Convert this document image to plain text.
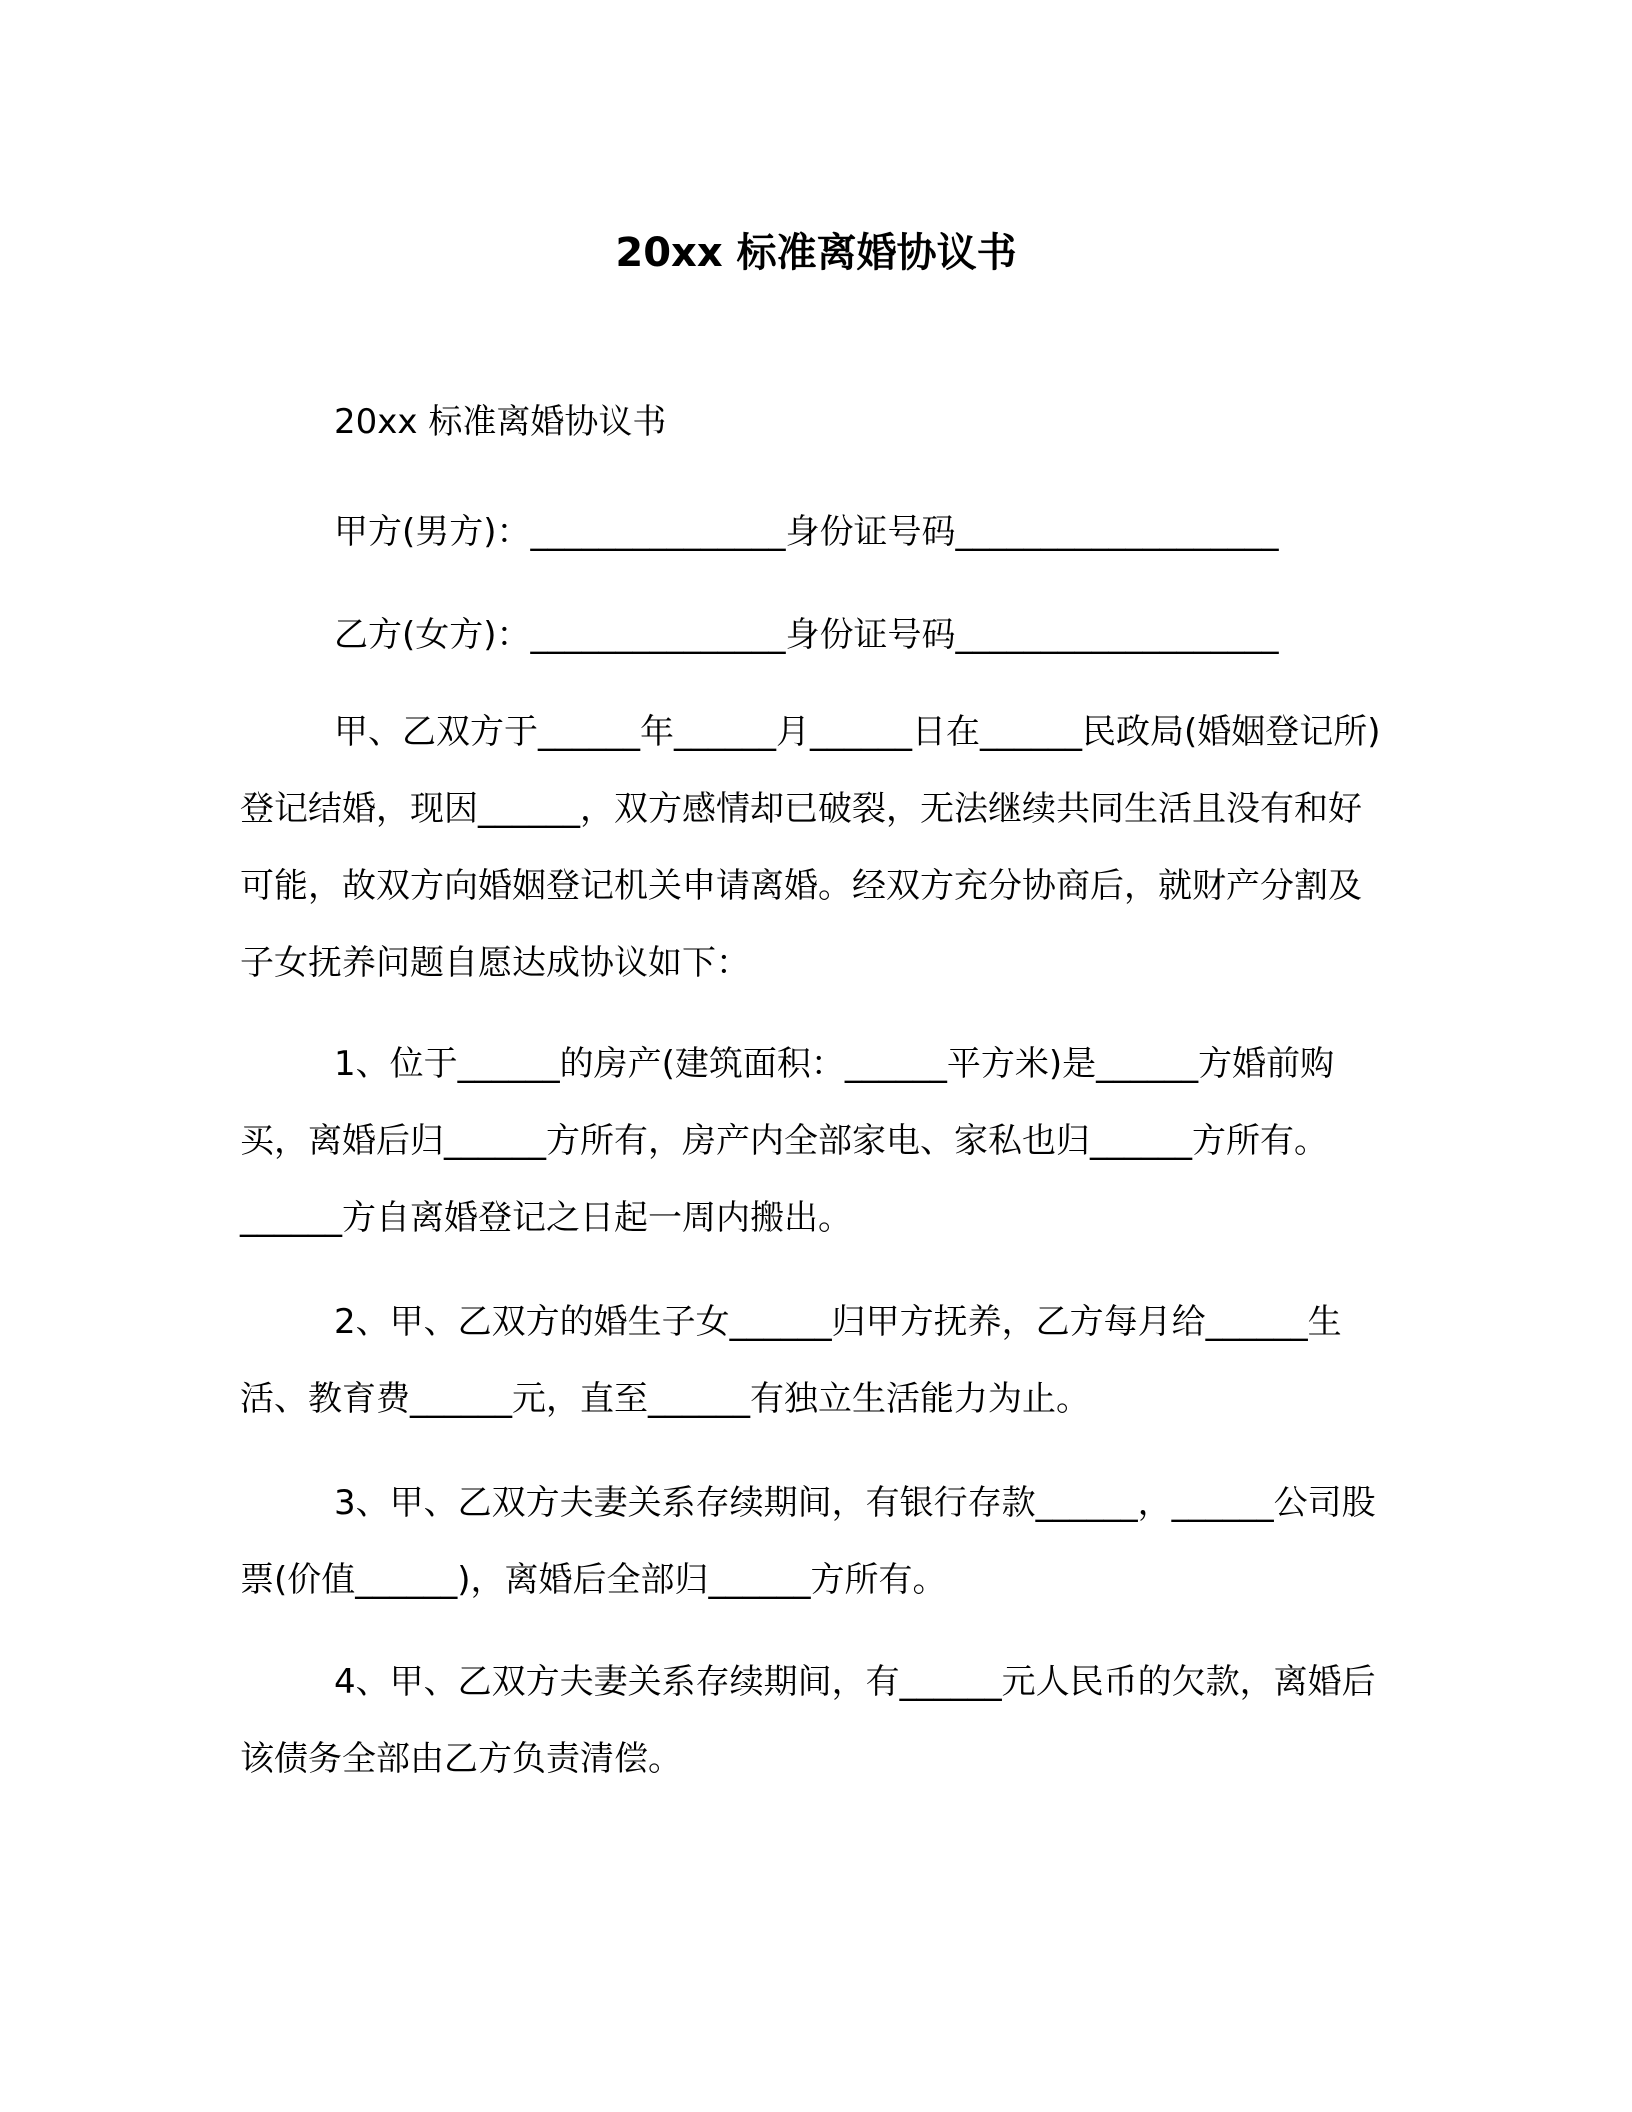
20xx 标准离婚协议书
20xx 标准离婚协议书
甲方(男方)：_______________身份证号码___________________
乙方(女方)：_______________身份证号码___________________
甲、乙双方于______年______月______日在______民政局(婚姻登记所)登记结婚，现因______，双方感情却已破裂，无法继续共同生活且没有和好可能，故双方向婚姻登记机关申请离婚。经双方充分协商后，就财产分割及子女抚养问题自愿达成协议如下：
1、位于______的房产(建筑面积：______平方米)是______方婚前购买，离婚后归______方所有，房产内全部家电、家私也归______方所有。______方自离婚登记之日起一周内搬出。
2、甲、乙双方的婚生子女______归甲方抚养，乙方每月给______生活、教育费______元，直至______有独立生活能力为止。
3、甲、乙双方夫妻关系存续期间，有银行存款______，______公司股票(价值______)，离婚后全部归______方所有。
4、甲、乙双方夫妻关系存续期间，有______元人民币的欠款，离婚后该债务全部由乙方负责清偿。
